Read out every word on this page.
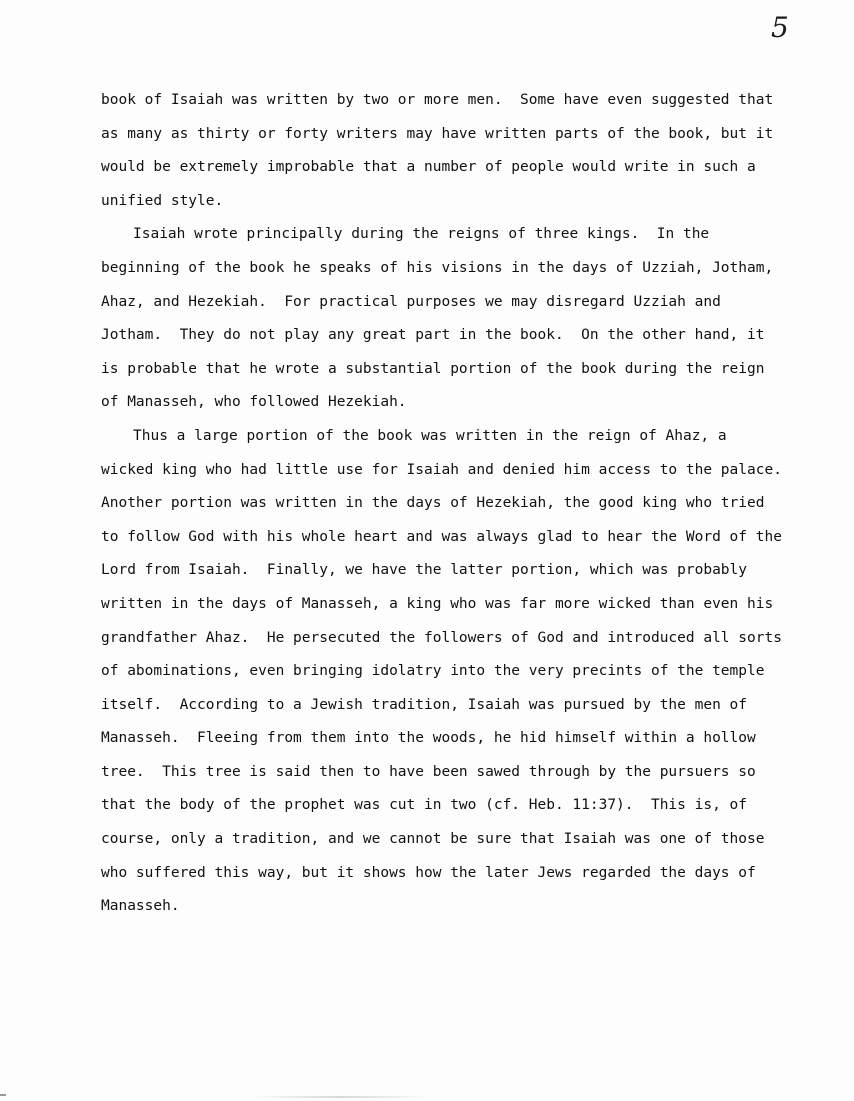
5
book of Isaiah was written by two or more men.  Some have even suggested that
as many as thirty or forty writers may have written parts of the book, but it
would be extremely improbable that a number of people would write in such a
unified style.
Isaiah wrote principally during the reigns of three kings.  In the
beginning of the book he speaks of his visions in the days of Uzziah, Jotham,
Ahaz, and Hezekiah.  For practical purposes we may disregard Uzziah and
Jotham.  They do not play any great part in the book.  On the other hand, it
is probable that he wrote a substantial portion of the book during the reign
of Manasseh, who followed Hezekiah.
Thus a large portion of the book was written in the reign of Ahaz, a
wicked king who had little use for Isaiah and denied him access to the palace.
Another portion was written in the days of Hezekiah, the good king who tried
to follow God with his whole heart and was always glad to hear the Word of the
Lord from Isaiah.  Finally, we have the latter portion, which was probably
written in the days of Manasseh, a king who was far more wicked than even his
grandfather Ahaz.  He persecuted the followers of God and introduced all sorts
of abominations, even bringing idolatry into the very precints of the temple
itself.  According to a Jewish tradition, Isaiah was pursued by the men of
Manasseh.  Fleeing from them into the woods, he hid himself within a hollow
tree.  This tree is said then to have been sawed through by the pursuers so
that the body of the prophet was cut in two (cf. Heb. 11:37).  This is, of
course, only a tradition, and we cannot be sure that Isaiah was one of those
who suffered this way, but it shows how the later Jews regarded the days of
Manasseh.
